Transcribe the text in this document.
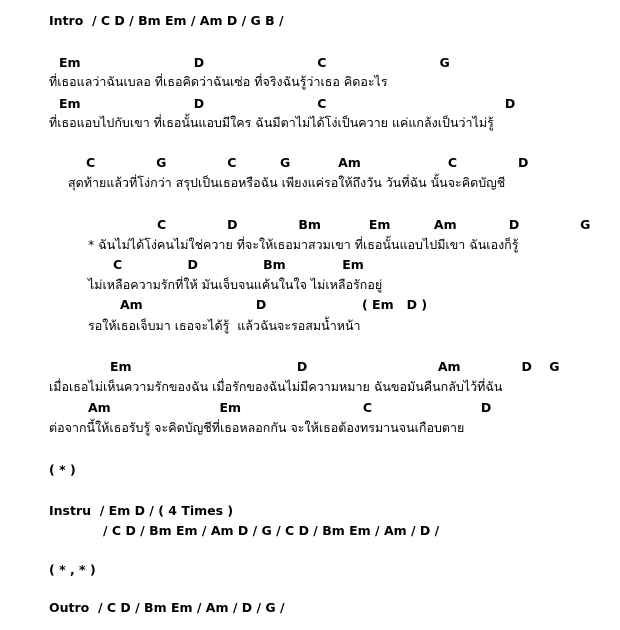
Intro  / C D / Bm Em / Am D / G B /
Em                          D                          C                          G
ที่เธอแลว่าฉันเบลอ ที่เธอคิดว่าฉันเซ่อ ที่จริงฉันรู้ว่าเธอ คิดอะไร
Em                          D                          C                                         D
ที่เธอแอบไปกับเขา ที่เธอนั้นแอบมีใคร ฉันมีตาไม่ได้โง่เป็นควาย แค่แกล้งเป็นว่าไม่รู้
C              G              C          G           Am                    C              D
สุดท้ายแล้วที่โง่กว่า สรุปเป็นเธอหรือฉัน เพียงแค่รอให้ถึงวัน วันที่ฉัน นั้นจะคิดบัญชี
C              D              Bm           Em          Am            D              G
* ฉันไม่ได้โง่คนไม่ใช่ควาย ที่จะให้เธอมาสวมเขา ที่เธอนั้นแอบไปมีเขา ฉันเองก็รู้
C               D               Bm             Em
ไม่เหลือความรักที่ให้ มันเจ็บจนแค้นในใจ ไม่เหลือรักอยู่
Am                          D                      ( Em   D )
รอให้เธอเจ็บมา เธอจะได้รู้  แล้วฉันจะรอสมน้ำหน้า
Em                                      D                              Am              D    G
เมื่อเธอไม่เห็นความรักของฉัน เมื่อรักของฉันไม่มีความหมาย ฉันขอมันคืนกลับไว้ที่ฉัน
Am                         Em                            C                         D
ต่อจากนี้ให้เธอรับรู้ จะคิดบัญชีที่เธอหลอกกัน จะให้เธอต้องทรมานจนเกือบตาย
( * )
Instru  / Em D / ( 4 Times )
/ C D / Bm Em / Am D / G / C D / Bm Em / Am / D /
( * , * )
Outro  / C D / Bm Em / Am / D / G /
